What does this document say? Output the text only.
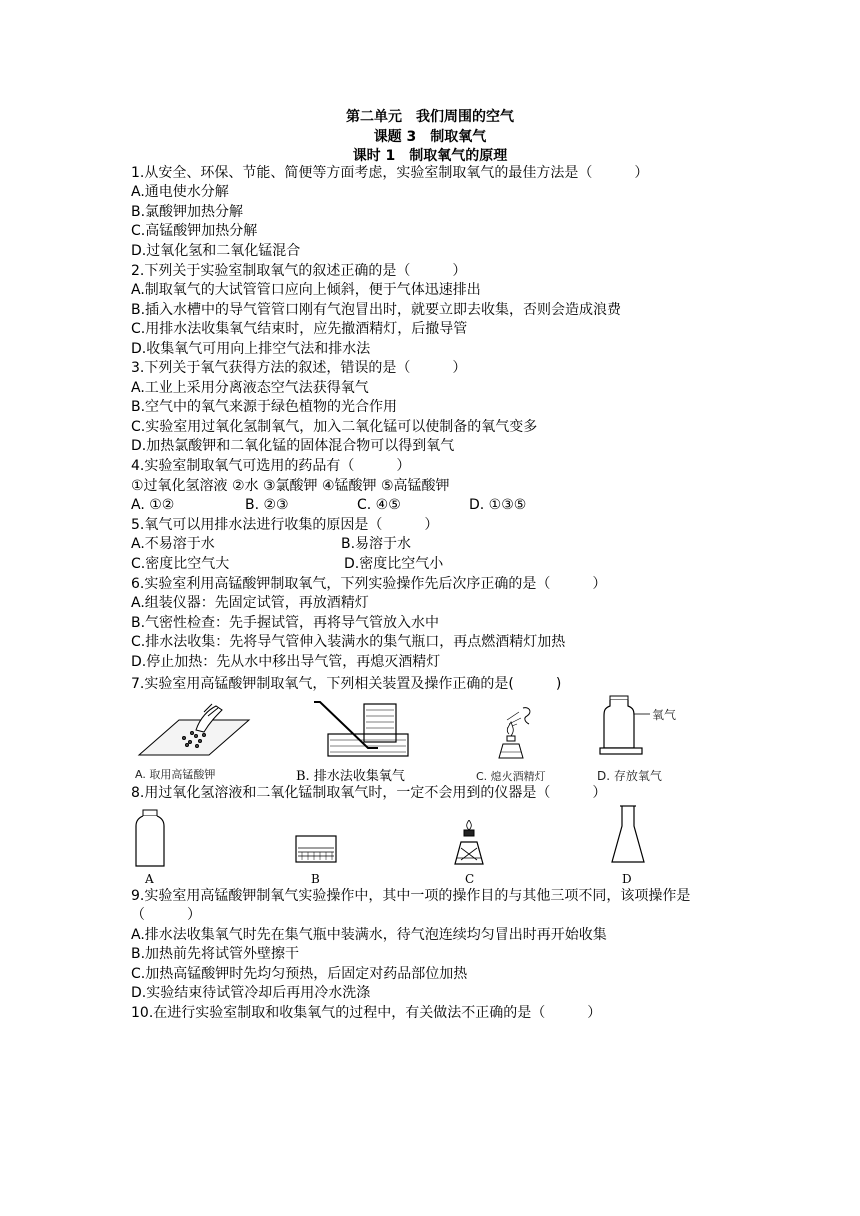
第二单元　我们周围的空气
课题 3　制取氧气
课时 1　制取氧气的原理
1.从安全、环保、节能、简便等方面考虑，实验室制取氧气的最佳方法是（　　　）
A.通电使水分解
B.氯酸钾加热分解
C.高锰酸钾加热分解
D.过氧化氢和二氧化锰混合
2.下列关于实验室制取氧气的叙述正确的是（　　　）
A.制取氧气的大试管管口应向上倾斜，便于气体迅速排出
B.插入水槽中的导气管管口刚有气泡冒出时，就要立即去收集，否则会造成浪费
C.用排水法收集氧气结束时，应先撤酒精灯，后撤导管
D.收集氧气可用向上排空气法和排水法
3.下列关于氧气获得方法的叙述，错误的是（　　　）
A.工业上采用分离液态空气法获得氧气
B.空气中的氧气来源于绿色植物的光合作用
C.实验室用过氧化氢制氧气，加入二氧化锰可以使制备的氧气变多
D.加热氯酸钾和二氧化锰的固体混合物可以得到氧气
4.实验室制取氧气可选用的药品有（　　　）
①过氧化氢溶液 ②水 ③氯酸钾 ④锰酸钾 ⑤高锰酸钾
A. ①②	B. ②③	C. ④⑤	D. ①③⑤
5.氧气可以用排水法进行收集的原因是（　　　）
A.不易溶于水	B.易溶于水
C.密度比空气大	D.密度比空气小
6.实验室利用高锰酸钾制取氧气，下列实验操作先后次序正确的是（　　　）
A.组装仪器：先固定试管，再放酒精灯
B.气密性检查：先手握试管，再将导气管放入水中
C.排水法收集：先将导气管伸入装满水的集气瓶口，再点燃酒精灯加热
D.停止加热：先从水中移出导气管，再熄灭酒精灯
7.实验室用高锰酸钾制取氧气，下列相关装置及操作正确的是(　　　)
A. 取用高锰酸钾	B. 排水法收集氧气	C. 熄火酒精灯
氧气
D. 存放氧气
8.用过氧化氢溶液和二氧化锰制取氧气时，一定不会用到的仪器是（　　　）
A	B	C	D
9.实验室用高锰酸钾制氧气实验操作中，其中一项的操作目的与其他三项不同，该项操作是
（　　　）
A.排水法收集氧气时先在集气瓶中装满水，待气泡连续均匀冒出时再开始收集
B.加热前先将试管外壁擦干
C.加热高锰酸钾时先均匀预热，后固定对药品部位加热
D.实验结束待试管冷却后再用冷水洗涤
10.在进行实验室制取和收集氧气的过程中，有关做法不正确的是（　　　）
